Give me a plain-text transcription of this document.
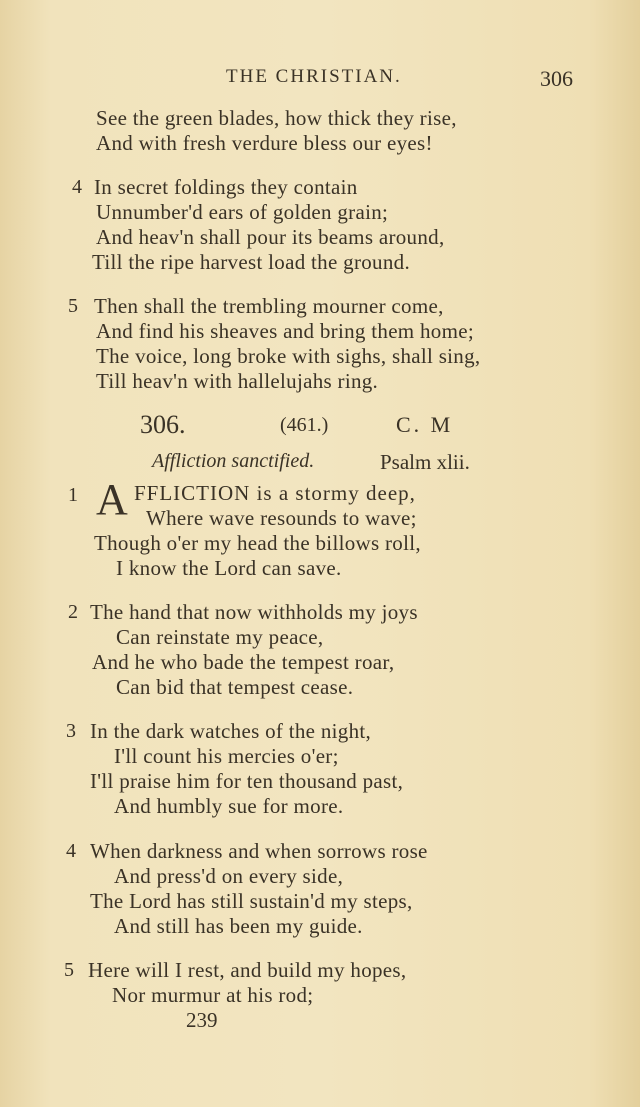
THE CHRISTIAN.	306
See the green blades, how thick they rise,
And with fresh verdure bless our eyes!
4 In secret foldings they contain
Unnumber'd ears of golden grain;
And heav'n shall pour its beams around,
Till the ripe harvest load the ground.
5 Then shall the trembling mourner come,
And find his sheaves and bring them home;
The voice, long broke with sighs, shall sing,
Till heav'n with hallelujahs ring.
306.	(461.)	C. M
Affliction sanctified.	Psalm xlii.
1 A FFLICTION is a stormy deep,
Where wave resounds to wave;
Though o'er my head the billows roll,
I know the Lord can save.
2 The hand that now withholds my joys
Can reinstate my peace,
And he who bade the tempest roar,
Can bid that tempest cease.
3 In the dark watches of the night,
I'll count his mercies o'er;
I'll praise him for ten thousand past,
And humbly sue for more.
4 When darkness and when sorrows rose
And press'd on every side,
The Lord has still sustain'd my steps,
And still has been my guide.
5 Here will I rest, and build my hopes,
Nor murmur at his rod;
239
